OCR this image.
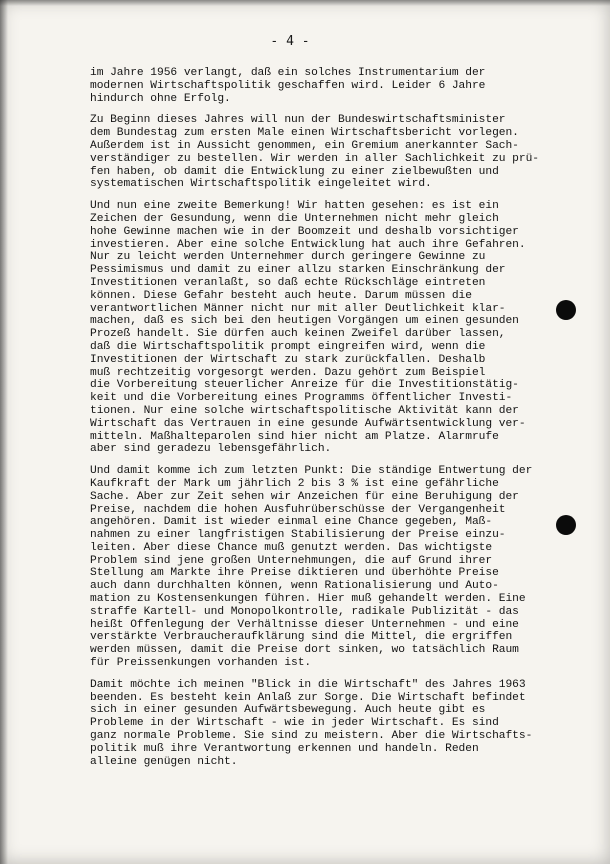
- 4 -
im Jahre 1956 verlangt, daß ein solches Instrumentarium der
modernen Wirtschaftspolitik geschaffen wird. Leider 6 Jahre
hindurch ohne Erfolg.
Zu Beginn dieses Jahres will nun der Bundeswirtschaftsminister
dem Bundestag zum ersten Male einen Wirtschaftsbericht vorlegen.
Außerdem ist in Aussicht genommen, ein Gremium anerkannter Sach-
verständiger zu bestellen. Wir werden in aller Sachlichkeit zu prü-
fen haben, ob damit die Entwicklung zu einer zielbewußten und
systematischen Wirtschaftspolitik eingeleitet wird.
Und nun eine zweite Bemerkung! Wir hatten gesehen: es ist ein
Zeichen der Gesundung, wenn die Unternehmen nicht mehr gleich
hohe Gewinne machen wie in der Boomzeit und deshalb vorsichtiger
investieren. Aber eine solche Entwicklung hat auch ihre Gefahren.
Nur zu leicht werden Unternehmer durch geringere Gewinne zu
Pessimismus und damit zu einer allzu starken Einschränkung der
Investitionen veranlaßt, so daß echte Rückschläge eintreten
können. Diese Gefahr besteht auch heute. Darum müssen die
verantwortlichen Männer nicht nur mit aller Deutlichkeit klar-
machen, daß es sich bei den heutigen Vorgängen um einen gesunden
Prozeß handelt. Sie dürfen auch keinen Zweifel darüber lassen,
daß die Wirtschaftspolitik prompt eingreifen wird, wenn die
Investitionen der Wirtschaft zu stark zurückfallen. Deshalb
muß rechtzeitig vorgesorgt werden. Dazu gehört zum Beispiel
die Vorbereitung steuerlicher Anreize für die Investitionstätig-
keit und die Vorbereitung eines Programms öffentlicher Investi-
tionen. Nur eine solche wirtschaftspolitische Aktivität kann der
Wirtschaft das Vertrauen in eine gesunde Aufwärtsentwicklung ver-
mitteln. Maßhalteparolen sind hier nicht am Platze. Alarmrufe
aber sind geradezu lebensgefährlich.
Und damit komme ich zum letzten Punkt: Die ständige Entwertung der
Kaufkraft der Mark um jährlich 2 bis 3 % ist eine gefährliche
Sache. Aber zur Zeit sehen wir Anzeichen für eine Beruhigung der
Preise, nachdem die hohen Ausfuhrüberschüsse der Vergangenheit
angehören. Damit ist wieder einmal eine Chance gegeben, Maß-
nahmen zu einer langfristigen Stabilisierung der Preise einzu-
leiten. Aber diese Chance muß genutzt werden. Das wichtigste
Problem sind jene großen Unternehmungen, die auf Grund ihrer
Stellung am Markte ihre Preise diktieren und überhöhte Preise
auch dann durchhalten können, wenn Rationalisierung und Auto-
mation zu Kostensenkungen führen. Hier muß gehandelt werden. Eine
straffe Kartell- und Monopolkontrolle, radikale Publizität - das
heißt Offenlegung der Verhältnisse dieser Unternehmen - und eine
verstärkte Verbraucheraufklärung sind die Mittel, die ergriffen
werden müssen, damit die Preise dort sinken, wo tatsächlich Raum
für Preissenkungen vorhanden ist.
Damit möchte ich meinen "Blick in die Wirtschaft" des Jahres 1963
beenden. Es besteht kein Anlaß zur Sorge. Die Wirtschaft befindet
sich in einer gesunden Aufwärtsbewegung. Auch heute gibt es
Probleme in der Wirtschaft - wie in jeder Wirtschaft. Es sind
ganz normale Probleme. Sie sind zu meistern. Aber die Wirtschafts-
politik muß ihre Verantwortung erkennen und handeln. Reden
alleine genügen nicht.
